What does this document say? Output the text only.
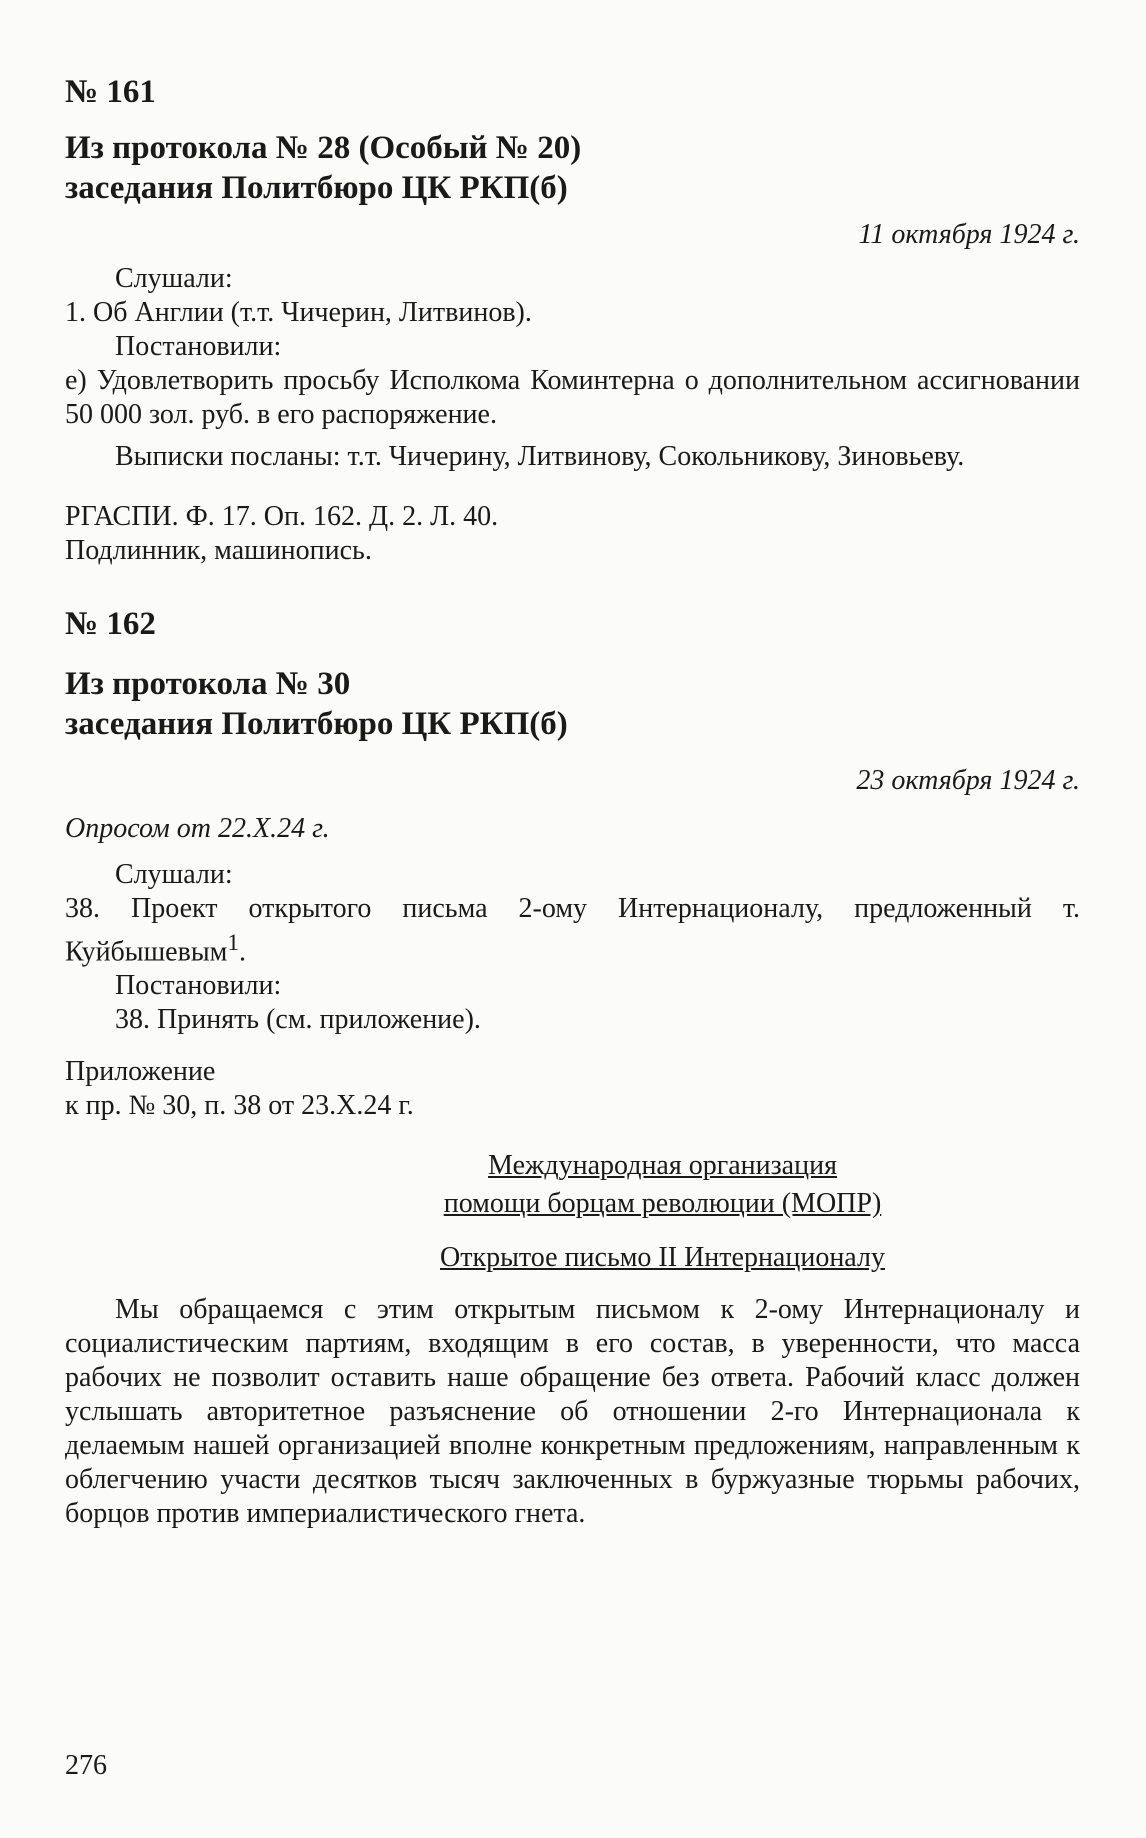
№ 161
Из протокола № 28 (Особый № 20)
заседания Политбюро ЦК РКП(б)

11 октября 1924 г.

Слушали:

1. Об Англии (т.т. Чичерин, Литвинов).

Постановили:

е) Удовлетворить просьбу Исполкома Коминтерна о дополнительном ассигновании 50 000 зол. руб. в его распоряжение.

Выписки посланы: т.т. Чичерину, Литвинову, Сокольникову, Зиновьеву.

РГАСПИ. Ф. 17. Оп. 162. Д. 2. Л. 40.

Подлинник, машинопись.

№ 162
Из протокола № 30
заседания Политбюро ЦК РКП(б)

23 октября 1924 г.

Опросом от 22.X.24 г.

Слушали:

38. Проект открытого письма 2-ому Интернационалу, предложенный т. Куйбышевым$^1$.

Постановили:

38. Принять (см. приложение).

Приложение

к пр. № 30, п. 38 от 23.X.24 г.

Международная организация

помощи борцам революции (МОПР)

Открытое письмо II Интернационалу

Мы обращаемся с этим открытым письмом к 2-ому Интернационалу и социалистическим партиям, входящим в его состав, в уверенности, что масса рабочих не позволит оставить наше обращение без ответа. Рабочий класс должен услышать авторитетное разъяснение об отношении 2-го Интернационала к делаемым нашей организацией вполне конкретным предложениям, направленным к облегчению участи десятков тысяч заключенных в буржуазные тюрьмы рабочих, борцов против империалистического гнета.

276
